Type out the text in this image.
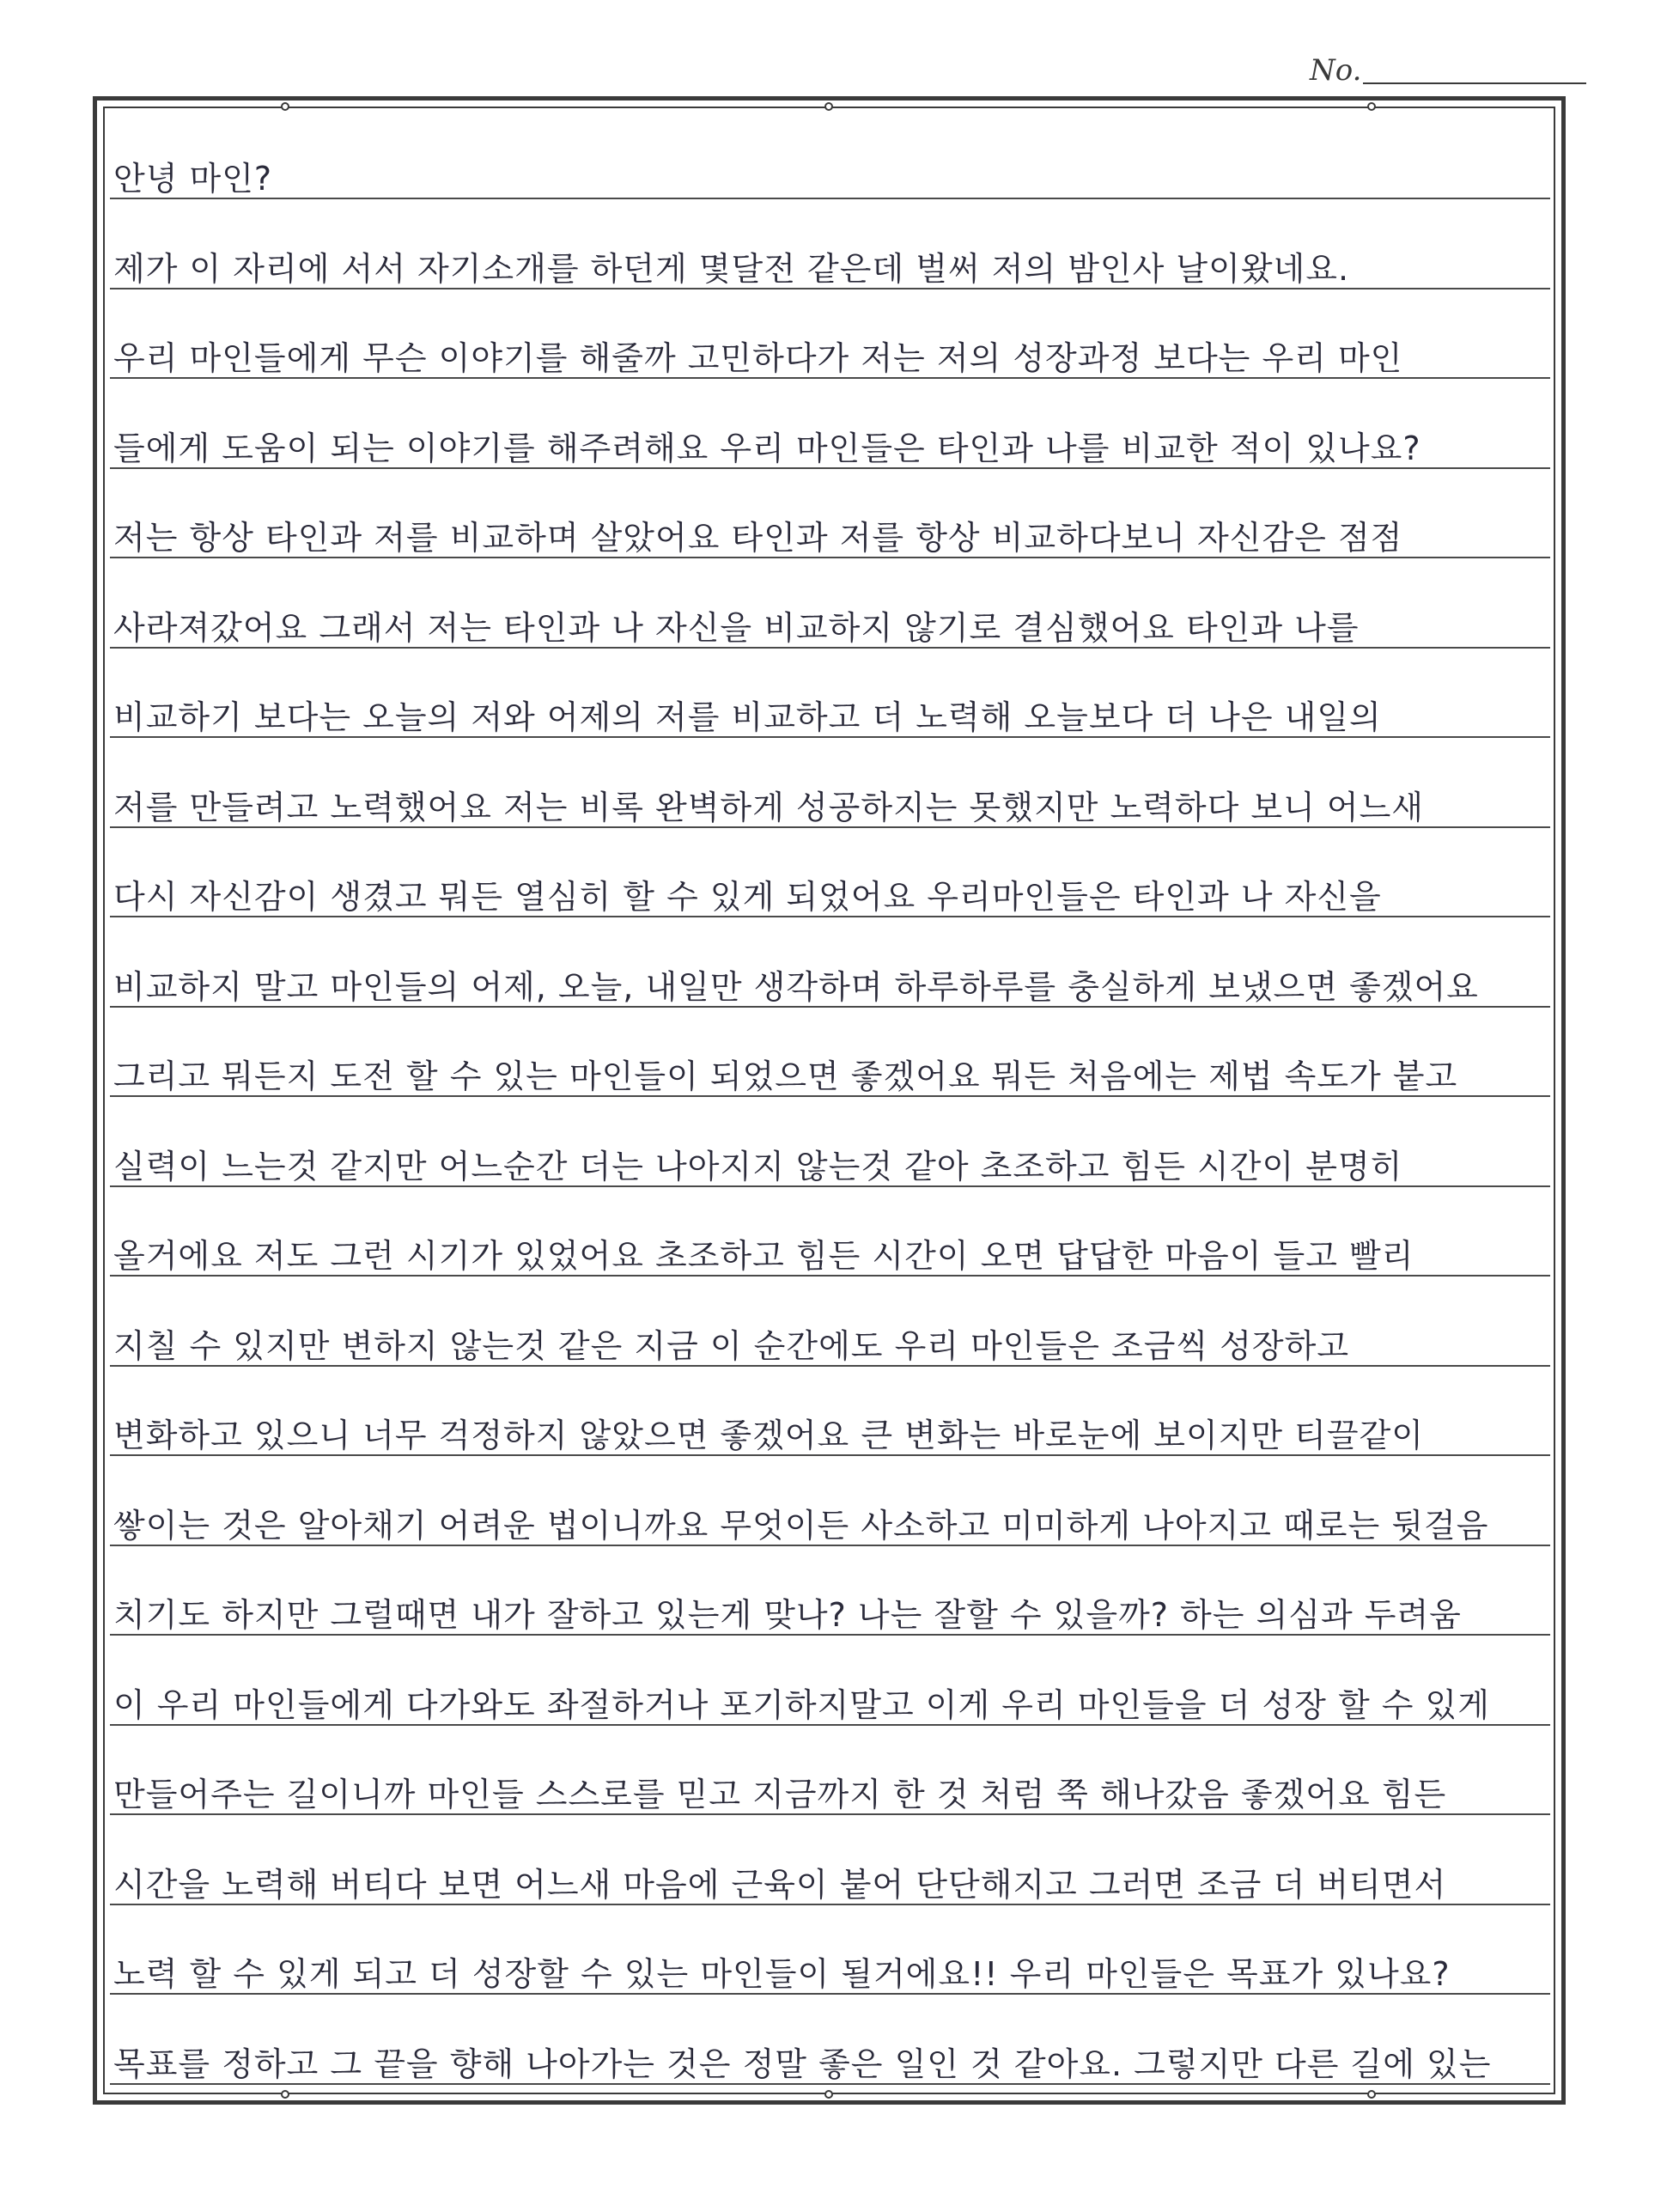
No.
안녕 마인?
제가 이 자리에 서서 자기소개를 하던게 몇달전 같은데 벌써 저의 밤인사 날이왔네요.
우리 마인들에게 무슨 이야기를 해줄까 고민하다가 저는 저의 성장과정 보다는 우리 마인
들에게 도움이 되는 이야기를 해주려해요 우리 마인들은 타인과 나를 비교한 적이 있나요?
저는 항상 타인과 저를 비교하며 살았어요 타인과 저를 항상 비교하다보니 자신감은 점점
사라져갔어요 그래서 저는 타인과 나 자신을 비교하지 않기로 결심했어요 타인과 나를
비교하기 보다는 오늘의 저와 어제의 저를 비교하고 더 노력해 오늘보다 더 나은 내일의
저를 만들려고 노력했어요 저는 비록 완벽하게 성공하지는 못했지만 노력하다 보니 어느새
다시 자신감이 생겼고 뭐든 열심히 할 수 있게 되었어요 우리마인들은 타인과 나 자신을
비교하지 말고 마인들의 어제, 오늘, 내일만 생각하며 하루하루를 충실하게 보냈으면 좋겠어요
그리고 뭐든지 도전 할 수 있는 마인들이 되었으면 좋겠어요 뭐든 처음에는 제법 속도가 붙고
실력이 느는것 같지만 어느순간 더는 나아지지 않는것 같아 초조하고 힘든 시간이 분명히
올거에요 저도 그런 시기가 있었어요 초조하고 힘든 시간이 오면 답답한 마음이 들고 빨리
지칠 수 있지만 변하지 않는것 같은 지금 이 순간에도 우리 마인들은 조금씩 성장하고
변화하고 있으니 너무 걱정하지 않았으면 좋겠어요 큰 변화는 바로눈에 보이지만 티끌같이
쌓이는 것은 알아채기 어려운 법이니까요 무엇이든 사소하고 미미하게 나아지고 때로는 뒷걸음
치기도 하지만 그럴때면 내가 잘하고 있는게 맞나? 나는 잘할 수 있을까? 하는 의심과 두려움
이 우리 마인들에게 다가와도 좌절하거나 포기하지말고 이게 우리 마인들을 더 성장 할 수 있게
만들어주는 길이니까 마인들 스스로를 믿고 지금까지 한 것 처럼 쭉 해나갔음 좋겠어요 힘든
시간을 노력해 버티다 보면 어느새 마음에 근육이 붙어 단단해지고 그러면 조금 더 버티면서
노력 할 수 있게 되고 더 성장할 수 있는 마인들이 될거에요!! 우리 마인들은 목표가 있나요?
목표를 정하고 그 끝을 향해 나아가는 것은 정말 좋은 일인 것 같아요. 그렇지만 다른 길에 있는
